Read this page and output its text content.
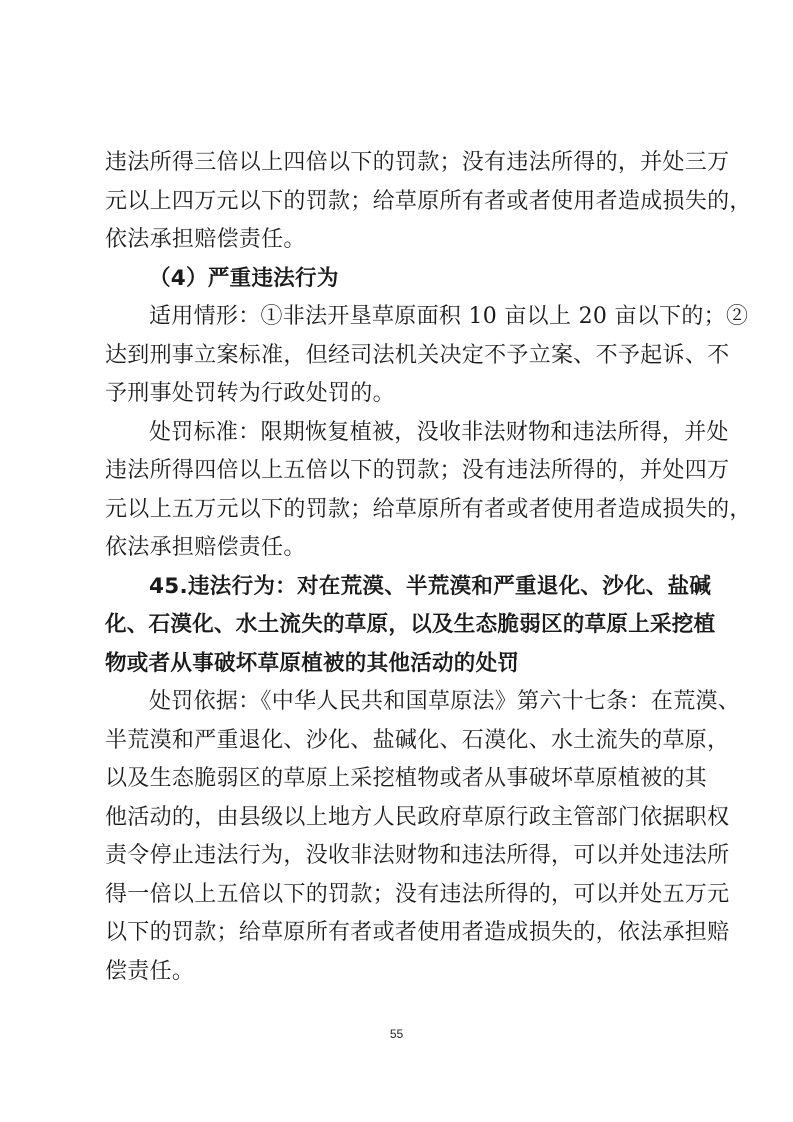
违法所得三倍以上四倍以下的罚款；没有违法所得的，并处三万
元以上四万元以下的罚款；给草原所有者或者使用者造成损失的，
依法承担赔偿责任。
（4）严重违法行为
适用情形：①非法开垦草原面积 10 亩以上 20 亩以下的；②
达到刑事立案标准，但经司法机关决定不予立案、不予起诉、不
予刑事处罚转为行政处罚的。
处罚标准：限期恢复植被，没收非法财物和违法所得，并处
违法所得四倍以上五倍以下的罚款；没有违法所得的，并处四万
元以上五万元以下的罚款；给草原所有者或者使用者造成损失的，
依法承担赔偿责任。
45.违法行为：对在荒漠、半荒漠和严重退化、沙化、盐碱
化、石漠化、水土流失的草原，以及生态脆弱区的草原上采挖植
物或者从事破坏草原植被的其他活动的处罚
处罚依据：《中华人民共和国草原法》第六十七条：在荒漠、
半荒漠和严重退化、沙化、盐碱化、石漠化、水土流失的草原，
以及生态脆弱区的草原上采挖植物或者从事破坏草原植被的其
他活动的，由县级以上地方人民政府草原行政主管部门依据职权
责令停止违法行为，没收非法财物和违法所得，可以并处违法所
得一倍以上五倍以下的罚款；没有违法所得的，可以并处五万元
以下的罚款；给草原所有者或者使用者造成损失的，依法承担赔
偿责任。
55
